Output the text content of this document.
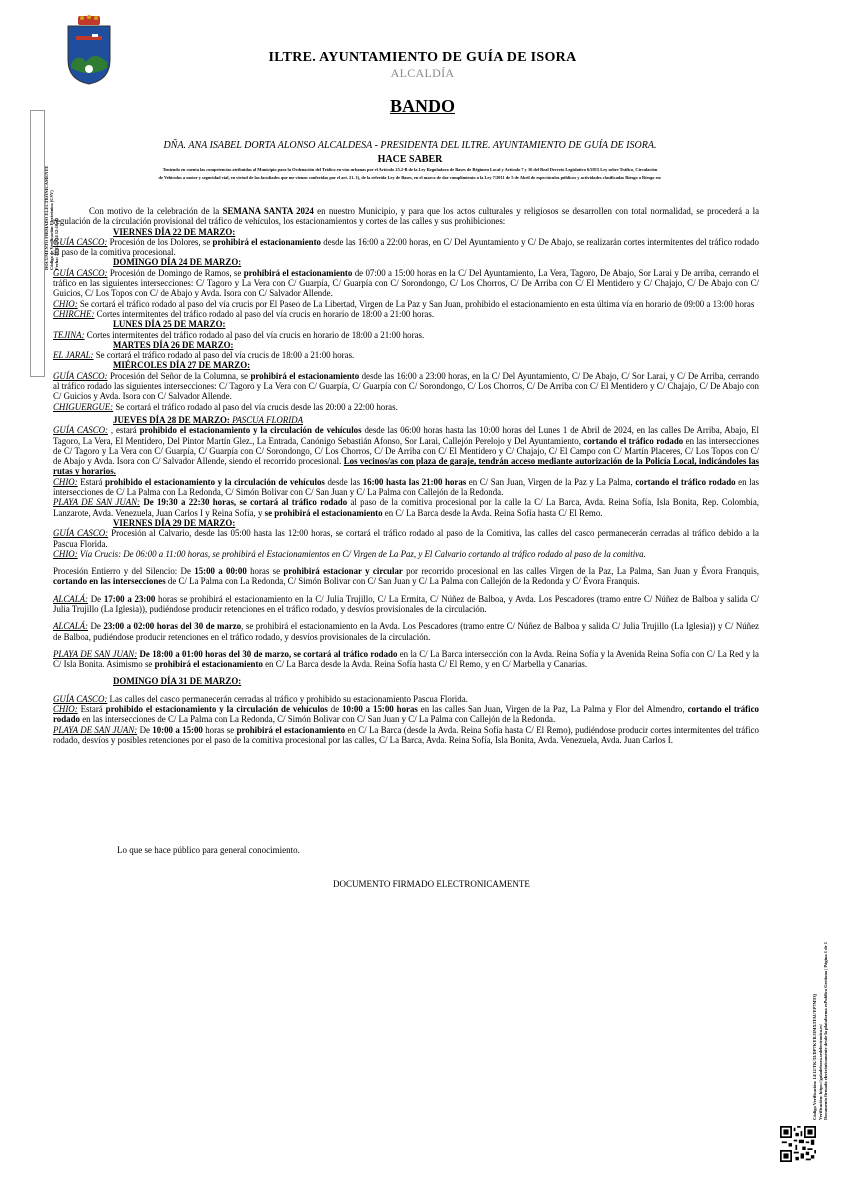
ILTRE. AYUNTAMIENTO DE GUÍA DE ISORA
ALCALDÍA
BANDO
DÑA. ANA ISABEL DORTA ALONSO ALCALDESA - PRESIDENTA DEL ILTRE. AYUNTAMIENTO DE GUÍA DE ISORA.
HACE SABER
Teniendo en cuenta las competencias atribuidas al Municipio para la Ordenación del Tráfico en vías urbanas por el Artículo 25.2-B de la Ley Reguladora de Bases de Régimen Local y Artículo 7 y 16 del Real Decreto Legislativo 6/2015 Ley sobre Tráfico, Circulación
de Vehículos a motor y seguridad vial, en virtud de las facultades que me vienen conferidas por el art. 21. 1), de la referida Ley de Bases, en el marco de dar cumplimiento a la Ley 7/2011 de 5 de Abril de espectáculos públicos y actividades clasificadas Riesgo a Riesgo en:
DOCUMENTO FIRMADO ELECTRÓNICAMENTE Código de Verificación Electrónica (CSV) Fecha: 22/03/2024 12:18:45
Código Verificación: 14/12/TK/33/DP7KYRJ3MX3TAUYP7MTQ Verificación: https://guiadeisora.sedelectronica.es/ Documento firmado electrónicamente desde la plataforma esPublico Gestiona | Página 1 de 1

Con motivo de la celebración de la SEMANA SANTA 2024 en nuestro Municipio, y para que los actos culturales y religiosos se desarrollen con total normalidad, se procederá a la regulación de la circulación provisional del tráfico de vehículos, los estacionamientos y cortes de las calles y sus prohibiciones:

VIERNES DÍA 22 DE MARZO:

GUÍA CASCO: Procesión de los Dolores, se prohibirá el estacionamiento desde las 16:00 a 22:00 horas, en C/ Del Ayuntamiento y C/ De Abajo, se realizarán cortes intermitentes del tráfico rodado al paso de la comitiva procesional.

DOMINGO DÍA 24 DE MARZO:

GUÍA CASCO: Procesión de Domingo de Ramos, se prohibirá el estacionamiento de 07:00 a 15:00 horas en la C/ Del Ayuntamiento, La Vera, Tagoro, De Abajo, Sor Larai y De arriba, cerrando el tráfico en las siguientes intersecciones: C/ Tagoro y La Vera con C/ Guarpía, C/ Guarpía con C/ Sorondongo, C/ Los Chorros, C/ De Arriba con C/ El Mentidero y C/ Chajajo, C/ De Abajo con C/ Guicios, C/ Los Topos con C/ de Abajo y Avda. Isora con C/ Salvador Allende.

CHIO: Se cortará el tráfico rodado al paso del vía crucis por El Paseo de La Libertad, Virgen de La Paz y San Juan, prohibido el estacionamiento en esta última vía en horario de 09:00 a 13:00 horas

CHIRCHE: Cortes intermitentes del tráfico rodado al paso del vía crucis en horario de 18:00 a 21:00 horas.

LUNES DÍA 25 DE MARZO:

TEJINA: Cortes intermitentes del tráfico rodado al paso del vía crucis en horario de 18:00 a 21:00 horas.

MARTES DÍA 26 DE MARZO:

EL JARAL: Se cortará el tráfico rodado al paso del vía crucis de 18:00 a 21:00 horas.

MIÉRCOLES DÍA 27 DE MARZO:

GUÍA CASCO: Procesión del Señor de la Columna, se prohibirá el estacionamiento desde las 16:00 a 23:00 horas, en la C/ Del Ayuntamiento, C/ De Abajo, C/ Sor Larai, y C/ De Arriba, cerrando al tráfico rodado las siguientes intersecciones: C/ Tagoro y La Vera con C/ Guarpía, C/ Guarpía con C/ Sorondongo, C/ Los Chorros, C/ De Arriba con C/ El Mentidero y C/ Chajajo, C/ De Abajo con C/ Guicios y Avda. Isora con C/ Salvador Allende.

CHIGUERGUE: Se cortará el tráfico rodado al paso del vía crucis desde las 20:00 a 22:00 horas.

JUEVES DÍA 28 DE MARZO: PASCUA FLORIDA

GUÍA CASCO: , estará prohibido el estacionamiento y la circulación de vehículos desde las 06:00 horas hasta las 10:00 horas del Lunes 1 de Abril de 2024, en las calles De Arriba, Abajo, El Tagoro, La Vera, El Mentidero, Del Pintor Martín Glez., La Entrada, Canónigo Sebastián Afonso, Sor Larai, Callejón Perelojo y Del Ayuntamiento, cortando el tráfico rodado en las intersecciones de C/ Tagoro y La Vera con C/ Guarpía, C/ Guarpía con C/ Sorondongo, C/ Los Chorros, C/ De Arriba con C/ El Mentidero y C/ Chajajo, C/ El Campo con C/ Martín Placeres, C/ Los Topos con C/ de Abajo y Avda. Isora con C/ Salvador Allende, siendo el recorrido procesional. Los vecinos/as con plaza de garaje, tendrán acceso mediante autorización de la Policía Local, indicándoles las rutas y horarios.

CHIO: Estará prohibido el estacionamiento y la circulación de vehículos desde las 16:00 hasta las 21:00 horas en C/ San Juan, Virgen de la Paz y La Palma, cortando el tráfico rodado en las intersecciones de C/ La Palma con La Redonda, C/ Simón Bolivar con C/ San Juan y C/ La Palma con Callejón de la Redonda.

PLAYA DE SAN JUAN: De 19:30 a 22:30 horas, se cortará al tráfico rodado al paso de la comitiva procesional por la calle la C/ La Barca, Avda. Reina Sofía, Isla Bonita, Rep. Colombia, Lanzarote, Avda. Venezuela, Juan Carlos I y Reina Sofía, y se prohibirá el estacionamiento en C/ La Barca desde la Avda. Reina Sofía hasta C/ El Remo.

VIERNES DÍA 29 DE MARZO:

GUÍA CASCO: Procesión al Calvario, desde las 05:00 hasta las 12:00 horas, se cortará el tráfico rodado al paso de la Comitiva, las calles del casco permanecerán cerradas al tráfico debido a la Pascua Florida.

CHIO: Vía Crucis: De 06:00 a 11:00 horas, se prohibirá el Estacionamientos en C/ Virgen de La Paz, y El Calvario cortando al tráfico rodado al paso de la comitiva.

Procesión Entierro y del Silencio: De 15:00 a 00:00 horas se prohibirá estacionar y circular por recorrido procesional en las calles Virgen de la Paz, La Palma, San Juan y Évora Franquis, cortando en las intersecciones de C/ La Palma con La Redonda, C/ Simón Bolivar con C/ San Juan y C/ La Palma con Callejón de la Redonda y C/ Évora Franquis.

ALCALÁ: De 17:00 a 23:00 horas se prohibirá el estacionamiento en la C/ Julia Trujillo, C/ La Ermita, C/ Núñez de Balboa, y Avda. Los Pescadores (tramo entre C/ Núñez de Balboa y salida C/ Julia Trujillo (La Iglesia)), pudiéndose producir retenciones en el tráfico rodado, y desvíos provisionales de la circulación.

ALCALÁ: De 23:00 a 02:00 horas del 30 de marzo, se prohibirá el estacionamiento en la Avda. Los Pescadores (tramo entre C/ Núñez de Balboa y salida C/ Julia Trujillo (La Iglesia)) y C/ Núñez de Balboa, pudiéndose producir retenciones en el tráfico rodado, y desvíos provisionales de la circulación.

PLAYA DE SAN JUAN: De 18:00 a 01:00 horas del 30 de marzo, se cortará al tráfico rodado en la C/ La Barca intersección con la Avda. Reina Sofía y la Avenida Reina Sofía con C/ La Red y la C/ Isla Bonita. Asimismo se prohibirá el estacionamiento en C/ La Barca desde la Avda. Reina Sofía hasta C/ El Remo, y en C/ Marbella y Canarias.

DOMINGO DÍA 31 DE MARZO:

GUÍA CASCO: Las calles del casco permanecerán cerradas al tráfico y prohibido su estacionamiento Pascua Florida.

CHIO: Estará prohibido el estacionamiento y la circulación de vehículos de 10:00 a 15:00 horas en las calles San Juan, Virgen de la Paz, La Palma y Flor del Almendro, cortando el tráfico rodado en las intersecciones de C/ La Palma con La Redonda, C/ Simón Bolivar con C/ San Juan y C/ La Palma con Callejón de la Redonda.

PLAYA DE SAN JUAN: De 10:00 a 15:00 horas se prohibirá el estacionamiento en C/ La Barca (desde la Avda. Reina Sofía hasta C/ El Remo), pudiéndose producir cortes intermitentes del tráfico rodado, desvíos y posibles retenciones por el paso de la comitiva procesional por las calles, C/ La Barca, Avda. Reina Sofía, Isla Bonita, Avda. Venezuela, Avda. Juan Carlos I.

Lo que se hace público para general conocimiento.
DOCUMENTO FIRMADO ELECTRONICAMENTE
